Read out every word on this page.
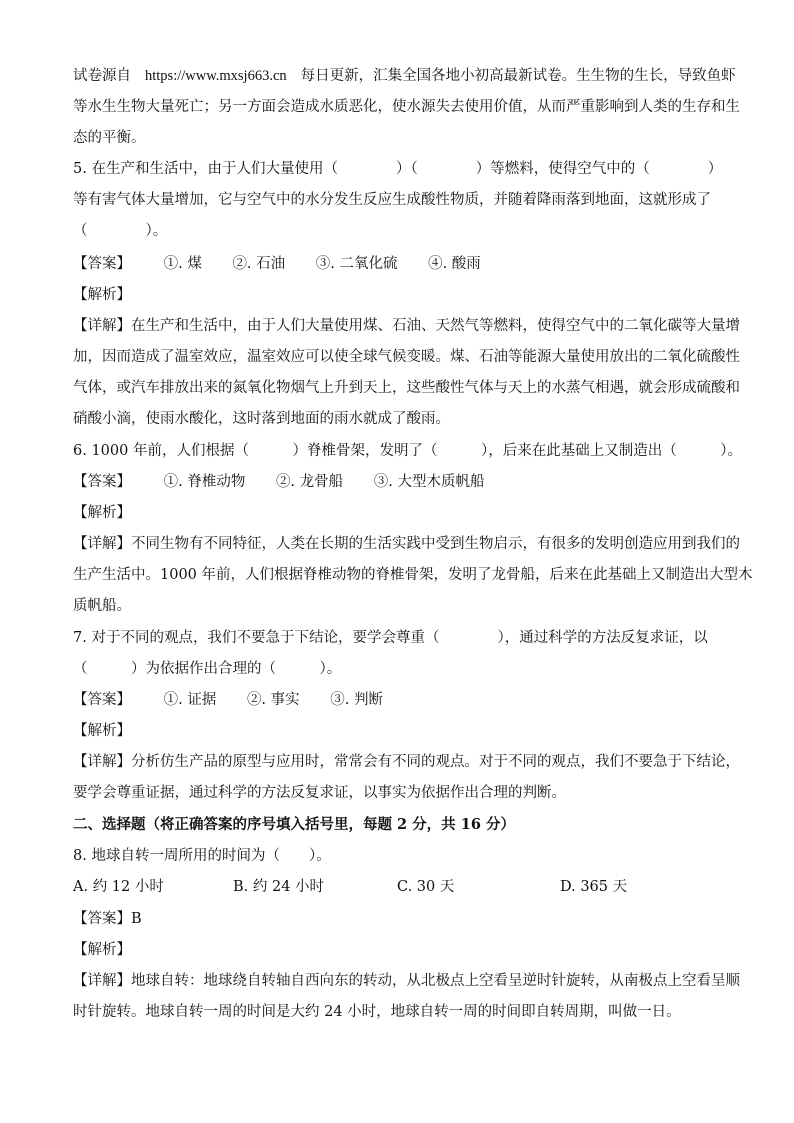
试卷源自 https://www.mxsj663.cn 每日更新，汇集全国各地小初高最新试卷。生生物的生长，导致鱼虾
等水生生物大量死亡；另一方面会造成水质恶化，使水源失去使用价值，从而严重影响到人类的生存和生
态的平衡。
5. 在生产和生活中，由于人们大量使用（　　　　）（　　　　）等燃料，使得空气中的（　　　　）
等有害气体大量增加，它与空气中的水分发生反应生成酸性物质，并随着降雨落到地面，这就形成了
（　　　　）。
【答案】 ①. 煤 ②. 石油 ③. 二氧化硫 ④. 酸雨
【解析】
【详解】在生产和生活中，由于人们大量使用煤、石油、天然气等燃料，使得空气中的二氧化碳等大量增
加，因而造成了温室效应，温室效应可以使全球气候变暖。煤、石油等能源大量使用放出的二氧化硫酸性
气体，或汽车排放出来的氮氧化物烟气上升到天上，这些酸性气体与天上的水蒸气相遇，就会形成硫酸和
硝酸小滴，使雨水酸化，这时落到地面的雨水就成了酸雨。
6. 1000 年前，人们根据（　　　）脊椎骨架，发明了（　　　），后来在此基础上又制造出（　　　）。
【答案】 ①. 脊椎动物 ②. 龙骨船 ③. 大型木质帆船
【解析】
【详解】不同生物有不同特征，人类在长期的生活实践中受到生物启示，有很多的发明创造应用到我们的
生产生活中。1000 年前，人们根据脊椎动物的脊椎骨架，发明了龙骨船，后来在此基础上又制造出大型木
质帆船。
7. 对于不同的观点，我们不要急于下结论，要学会尊重（　　　　），通过科学的方法反复求证，以
（　　　）为依据作出合理的（　　　）。
【答案】 ①. 证据 ②. 事实 ③. 判断
【解析】
【详解】分析仿生产品的原型与应用时，常常会有不同的观点。对于不同的观点，我们不要急于下结论，
要学会尊重证据，通过科学的方法反复求证，以事实为依据作出合理的判断。
二、选择题（将正确答案的序号填入括号里，每题 2 分，共 16 分）
8. 地球自转一周所用的时间为（　　）。
A. 约 12 小时	B. 约 24 小时	C. 30 天	D. 365 天
【答案】B
【解析】
【详解】地球自转：地球绕自转轴自西向东的转动，从北极点上空看呈逆时针旋转，从南极点上空看呈顺
时针旋转。地球自转一周的时间是大约 24 小时，地球自转一周的时间即自转周期，叫做一日。
